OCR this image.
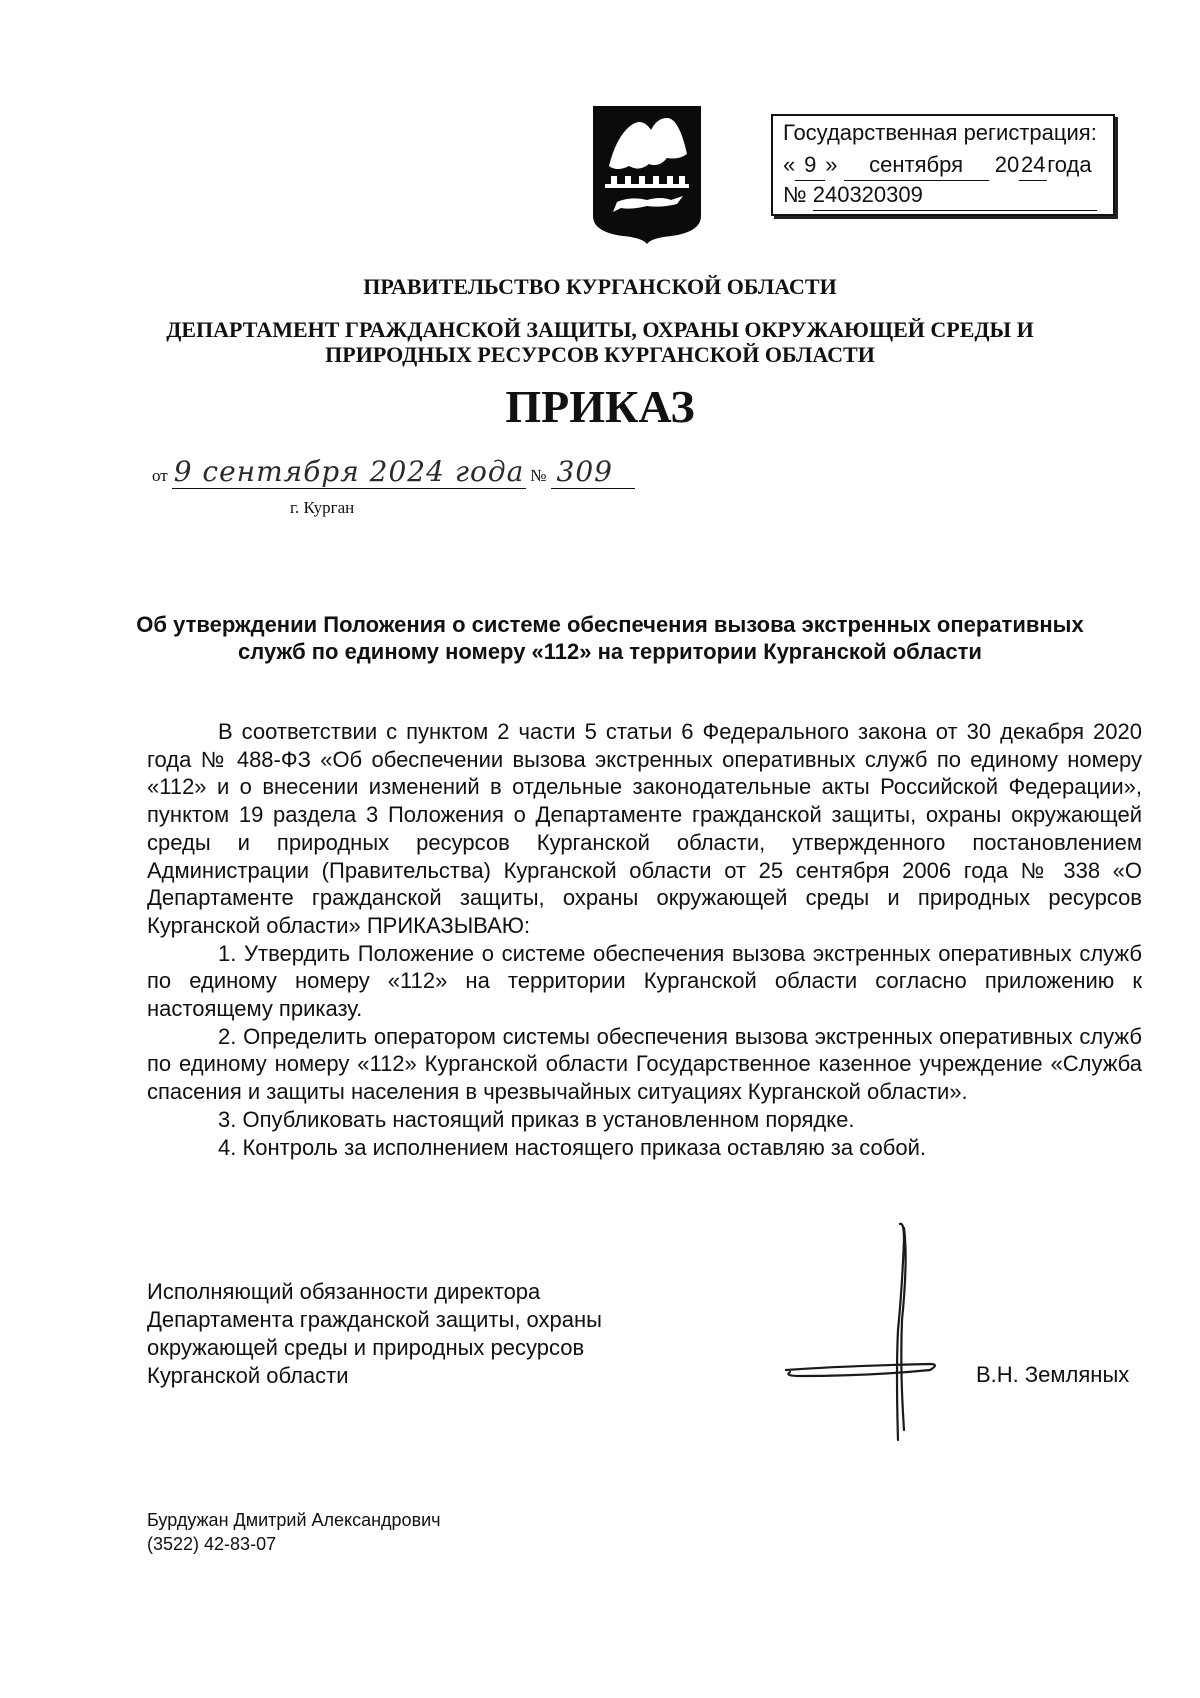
Государственная регистрация:
« 9 » сентября 2024года
№ 240320309
ПРАВИТЕЛЬСТВО КУРГАНСКОЙ ОБЛАСТИ
ДЕПАРТАМЕНТ ГРАЖДАНСКОЙ ЗАЩИТЫ, ОХРАНЫ ОКРУЖАЮЩЕЙ СРЕДЫ И
ПРИРОДНЫХ РЕСУРСОВ КУРГАНСКОЙ ОБЛАСТИ
ПРИКАЗ
от 9 сентября 2024 года № 309
г. Курган
Об утверждении Положения о системе обеспечения вызова экстренных оперативных служб по единому номеру «112» на территории Курганской области

В соответствии с пунктом 2 части 5 статьи 6 Федерального закона от 30 декабря 2020 года № 488-ФЗ «Об обеспечении вызова экстренных оперативных служб по единому номеру «112» и о внесении изменений в отдельные законодательные акты Российской Федерации», пунктом 19 раздела 3 Положения о Департаменте гражданской защиты, охраны окружающей среды и природных ресурсов Курганской области, утвержденного постановлением Администрации (Правительства) Курганской области от 25 сентября 2006 года № 338 «О Департаменте гражданской защиты, охраны окружающей среды и природных ресурсов Курганской области» ПРИКАЗЫВАЮ:

1. Утвердить Положение о системе обеспечения вызова экстренных оперативных служб по единому номеру «112» на территории Курганской области согласно приложению к настоящему приказу.

2. Определить оператором системы обеспечения вызова экстренных оперативных служб по единому номеру «112» Курганской области Государственное казенное учреждение «Служба спасения и защиты населения в чрезвычайных ситуациях Курганской области».

3. Опубликовать настоящий приказ в установленном порядке.

4. Контроль за исполнением настоящего приказа оставляю за собой.

Исполняющий обязанности директора
Департамента гражданской защиты, охраны
окружающей среды и природных ресурсов
Курганской области	В.Н. Земляных
Бурдужан Дмитрий Александрович
(3522) 42-83-07
